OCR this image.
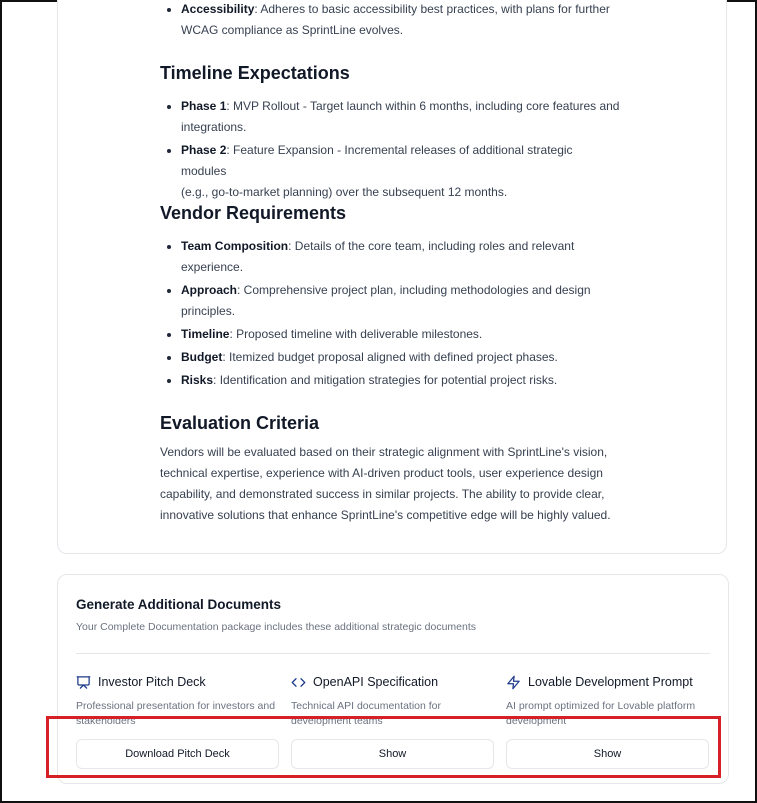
Accessibility: Adheres to basic accessibility best practices, with plans for further
WCAG compliance as SprintLine evolves.
Timeline Expectations
Phase 1: MVP Rollout - Target launch within 6 months, including core features and
integrations.
Phase 2: Feature Expansion - Incremental releases of additional strategic modules
(e.g., go-to-market planning) over the subsequent 12 months.
Vendor Requirements
Team Composition: Details of the core team, including roles and relevant
experience.
Approach: Comprehensive project plan, including methodologies and design
principles.
Timeline: Proposed timeline with deliverable milestones.
Budget: Itemized budget proposal aligned with defined project phases.
Risks: Identification and mitigation strategies for potential project risks.
Evaluation Criteria
Vendors will be evaluated based on their strategic alignment with SprintLine's vision,
technical expertise, experience with AI-driven product tools, user experience design
capability, and demonstrated success in similar projects. The ability to provide clear,
innovative solutions that enhance SprintLine's competitive edge will be highly valued.
Generate Additional Documents
Your Complete Documentation package includes these additional strategic documents
Investor Pitch Deck
Professional presentation for investors and
stakeholders
OpenAPI Specification
Technical API documentation for
development teams
Lovable Development Prompt
AI prompt optimized for Lovable platform
development
Download Pitch Deck	Show	Show
